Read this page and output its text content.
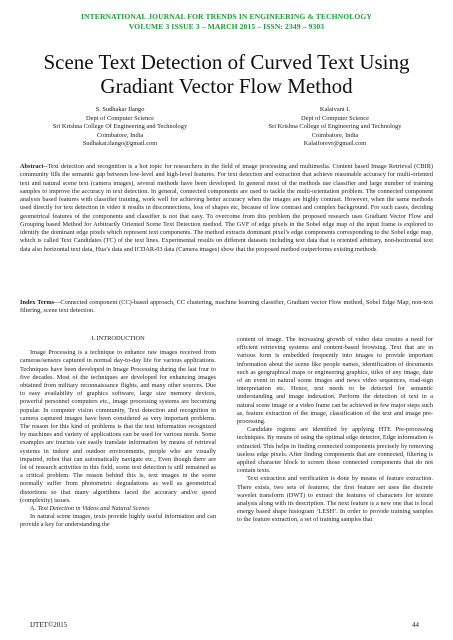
INTERNATIONAL JOURNAL FOR TRENDS IN ENGINEERING & TECHNOLOGY
VOLUME 3 ISSUE 3 – MARCH 2015 – ISSN: 2349 – 9303
Scene Text Detection of Curved Text Using Gradiant Vector Flow Method
S. Sudhakar Ilango
Dept of Computer Science
Sri Krishna College Of Engineering and Technology
Coimbatore, India
Sudhakar.ilango@gmail.com
Kalaivani L
Dept of Computer Science
Sri Krishna College of Engineering and Technology
Coimbatore, India
Kalaiforevr@gmail.com
Abstract--Text detection and recognition is a hot topic for researchers in the field of image processing and multimedia. Content based Image Retrieval (CBIR) community fills the semantic gap between low-level and high-level features. For text detection and extraction that achieve reasonable accuracy for multi-oriented text and natural scene text (camera images), several methods have been developed. In general most of the methods use classifier and large number of training samples to improve the accuracy in text detection. In general, connected components are used to tackle the multi-orientation problem. The connected component analysis based features with classifier training, work well for achieving better accuracy when the images are highly contrast. However, when the same methods used directly for text detection in video it results in disconnections, loss of shapes etc, because of low contrast and complex background. For such cases, deciding geometrical features of the components and classifier is not that easy. To overcome from this problem the proposed research uses Gradiant Vector Flow and Grouping based Method for Arbitrarily Oriented Scene Text Detection method. The GVF of edge pixels in the Sobel edge map of the input frame is explored to identify the dominant edge pixels which represent text components. The method extracts dominant pixel’s edge components corresponding to the Sobel edge map, which is called Text Candidates (TC) of the text lines. Experimental results on different datasets including text data that is oriented arbitrary, non-horizontal text data also horizontal text data, Hua’s data and ICDAR-03 data (Camera images) show that the proposed method outperforms existing methods.
Index Terms—Connected component (CC)-based approach, CC clustering, machine learning classifier, Gradiant vector Flow method, Sobel Edge Map, non-text filtering, scene text detection.
I. INTRODUCTION

Image Processing is a technique to enhance raw images received from cameras/sensors captured in normal day-to-day life for various applications. Techniques have been developed in Image Processing during the last four to five decades. Most of the techniques are developed for enhancing images obtained from military reconnaissance flights, and many other sources. Due to easy availability of graphics software, large size memory devices, powerful personnel computers etc., image processing systems are becoming popular. In computer vision community, Text detection and recognition in camera captured images have been considered as very important problems. The reason for this kind of problems is that the text information recognized by machines and variety of applications can be used for various needs. Some examples are tourists can easily translate information by means of retrieval systems in indoor and outdoor environments, people who are visually impaired, robot that can automatically navigate etc., Even though there are lot of research activities in this field, scene text detection is still remained as a critical problem. The reason behind this is, text images in the scene normally suffer from photometric degradations as well as geometrical distortions so that many algorithms faced the accuracy and/or speed (complexity) issues.

A. Text Detection in Videos and Natural Scenes

In natural scene images, texts provide highly useful information and can provide a key for understanding the

content of image. The increasing growth of video data creates a need for efficient retrieving systems and content-based browsing. Text that are in various form is embedded frequently into images to provide important information about the scene like people names, identification of documents such as geographical maps or engineering graphics, titles of any image, date of an event in natural scene images and news video sequences, road-sign interpretation etc. Hence, text needs to be detected for semantic understanding and image indexation. Perform the detection of text in a natural scene image or a video frame can be achieved in few major steps such as, feature extraction of the image, classification of the text and image pre-processing.

Candidate regions are identified by applying HTE Pre-processing techniques. By means of using the optimal edge detector, Edge information is extracted. This helps in finding connected components precisely by removing useless edge pixels. After finding components that are connected, filtering is applied character block to screen those connected components that do not contain texts.

Text extraction and verification is done by means of feature extraction. There exists, two sets of features; the first feature set uses the discrete wavelet transform (DWT) to extract the features of characters for texture analysis along with its description. The next feature is a new one that is local energy based shape histogram ‘LESH’. In order to provide training samples to the feature extraction, a set of training samples that

IJTET©2015	44
